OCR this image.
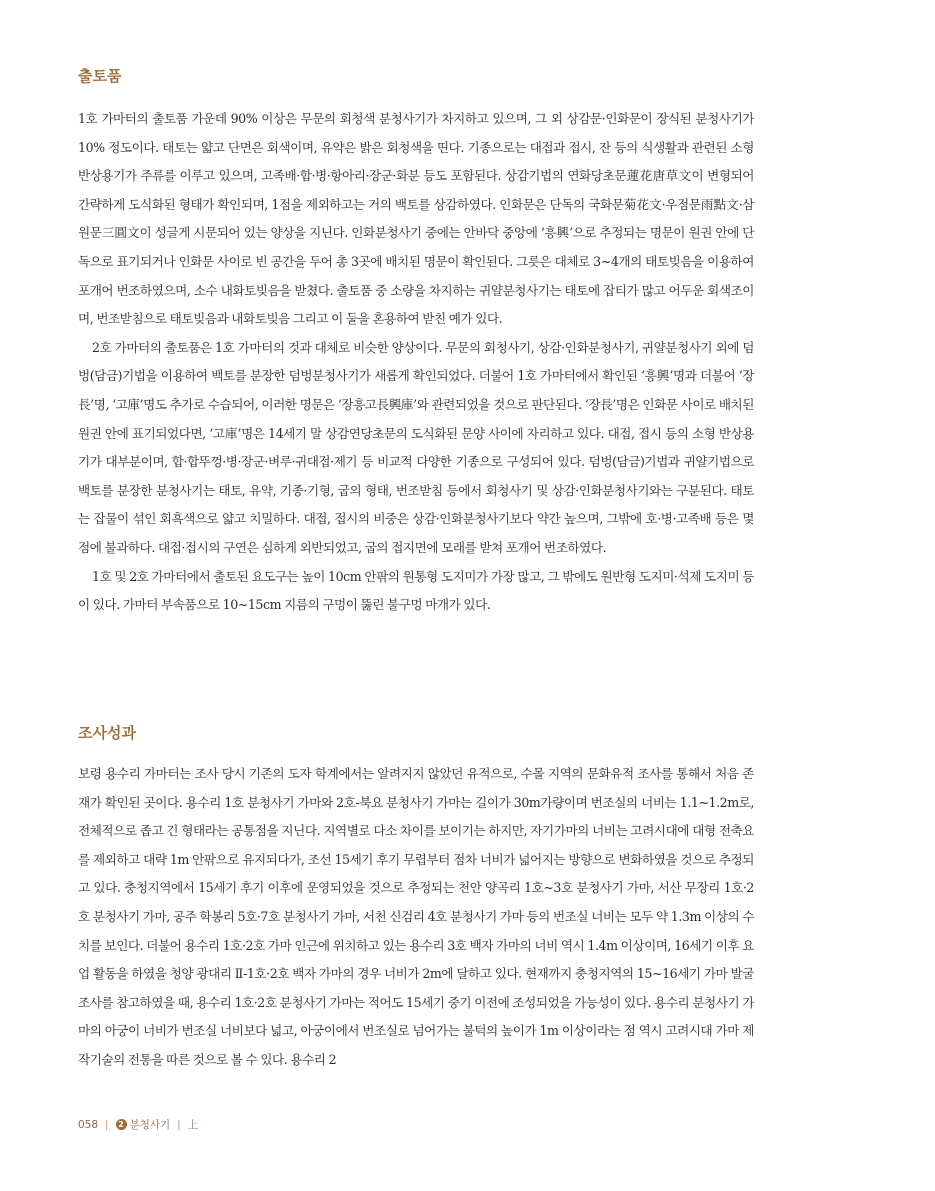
출토품

1호 가마터의 출토품 가운데 90% 이상은 무문의 회청색 분청사기가 차지하고 있으며, 그 외 상감문·인화문이 장식된 분청사기가 10% 정도이다. 태토는 얇고 단면은 회색이며, 유약은 밝은 회청색을 띤다. 기종으로는 대접과 접시, 잔 등의 식생활과 관련된 소형 반상용기가 주류를 이루고 있으며, 고족배·합·병·항아리·장군·화분 등도 포함된다. 상감기법의 연화당초문蓮花唐草文이 변형되어 간략하게 도식화된 형태가 확인되며, 1점을 제외하고는 거의 백토를 상감하였다. 인화문은 단독의 국화문菊花文·우점문雨點文·삼원문三圓文이 성글게 시문되어 있는 양상을 지닌다. 인화분청사기 중에는 안바닥 중앙에 ‘흥興’으로 추정되는 명문이 원권 안에 단독으로 표기되거나 인화문 사이로 빈 공간을 두어 총 3곳에 배치된 명문이 확인된다. 그릇은 대체로 3~4개의 태토빚음을 이용하여 포개어 번조하였으며, 소수 내화토빚음을 받쳤다. 출토품 중 소량을 차지하는 귀얄분청사기는 태토에 잡티가 많고 어두운 회색조이며, 번조받침으로 태토빚음과 내화토빚음 그리고 이 둘을 혼용하여 받친 예가 있다.

2호 가마터의 출토품은 1호 가마터의 것과 대체로 비슷한 양상이다. 무문의 회청사기, 상감·인화분청사기, 귀얄분청사기 외에 덤벙(담금)기법을 이용하여 백토를 분장한 덤벙분청사기가 새롭게 확인되었다. 더불어 1호 가마터에서 확인된 ‘흥興’명과 더불어 ‘장長’명, ‘고庫’명도 추가로 수습되어, 이러한 명문은 ‘장흥고長興庫’와 관련되었을 것으로 판단된다. ‘장長’명은 인화문 사이로 배치된 원권 안에 표기되었다면, ‘고庫’명은 14세기 말 상감연당초문의 도식화된 문양 사이에 자리하고 있다. 대접, 접시 등의 소형 반상용기가 대부분이며, 합·합뚜껑·병·장군·벼루·귀대접·제기 등 비교적 다양한 기종으로 구성되어 있다. 덤벙(담금)기법과 귀얄기법으로 백토를 분장한 분청사기는 태토, 유약, 기종·기형, 굽의 형태, 번조받침 등에서 회청사기 및 상감·인화분청사기와는 구분된다. 태토는 잡물이 섞인 회흑색으로 얇고 치밀하다. 대접, 접시의 비중은 상감·인화분청사기보다 약간 높으며, 그밖에 호·병·고족배 등은 몇 점에 불과하다. 대접·접시의 구연은 심하게 외반되었고, 굽의 접지면에 모래를 받쳐 포개어 번조하였다.

1호 및 2호 가마터에서 출토된 요도구는 높이 10cm 안팎의 원통형 도지미가 가장 많고, 그 밖에도 원반형 도지미·석제 도지미 등이 있다. 가마터 부속품으로 10~15cm 지름의 구멍이 뚫린 불구멍 마개가 있다.

조사성과

보령 용수리 가마터는 조사 당시 기존의 도자 학계에서는 알려지지 않았던 유적으로, 수몰 지역의 문화유적 조사를 통해서 처음 존재가 확인된 곳이다. 용수리 1호 분청사기 가마와 2호-북요 분청사기 가마는 길이가 30m가량이며 번조실의 너비는 1.1~1.2m로, 전체적으로 좁고 긴 형태라는 공통점을 지닌다. 지역별로 다소 차이를 보이기는 하지만, 자기가마의 너비는 고려시대에 대형 전축요를 제외하고 대략 1m 안팎으로 유지되다가, 조선 15세기 후기 무렵부터 점차 너비가 넓어지는 방향으로 변화하였을 것으로 추정되고 있다. 충청지역에서 15세기 후기 이후에 운영되었을 것으로 추정되는 천안 양곡리 1호~3호 분청사기 가마, 서산 무장리 1호·2호 분청사기 가마, 공주 학봉리 5호·7호 분청사기 가마, 서천 신검리 4호 분청사기 가마 등의 번조실 너비는 모두 약 1.3m 이상의 수치를 보인다. 더불어 용수리 1호·2호 가마 인근에 위치하고 있는 용수리 3호 백자 가마의 너비 역시 1.4m 이상이며, 16세기 이후 요업 활동을 하였을 청양 광대리 Ⅱ-1호·2호 백자 가마의 경우 너비가 2m에 달하고 있다. 현재까지 충청지역의 15~16세기 가마 발굴조사를 참고하였을 때, 용수리 1호·2호 분청사기 가마는 적어도 15세기 중기 이전에 조성되었을 가능성이 있다. 용수리 분청사기 가마의 아궁이 너비가 번조실 너비보다 넓고, 아궁이에서 번조실로 넘어가는 불턱의 높이가 1m 이상이라는 점 역시 고려시대 가마 제작기술의 전통을 따른 것으로 볼 수 있다. 용수리 2

058 |	2 분청사기 | 上
